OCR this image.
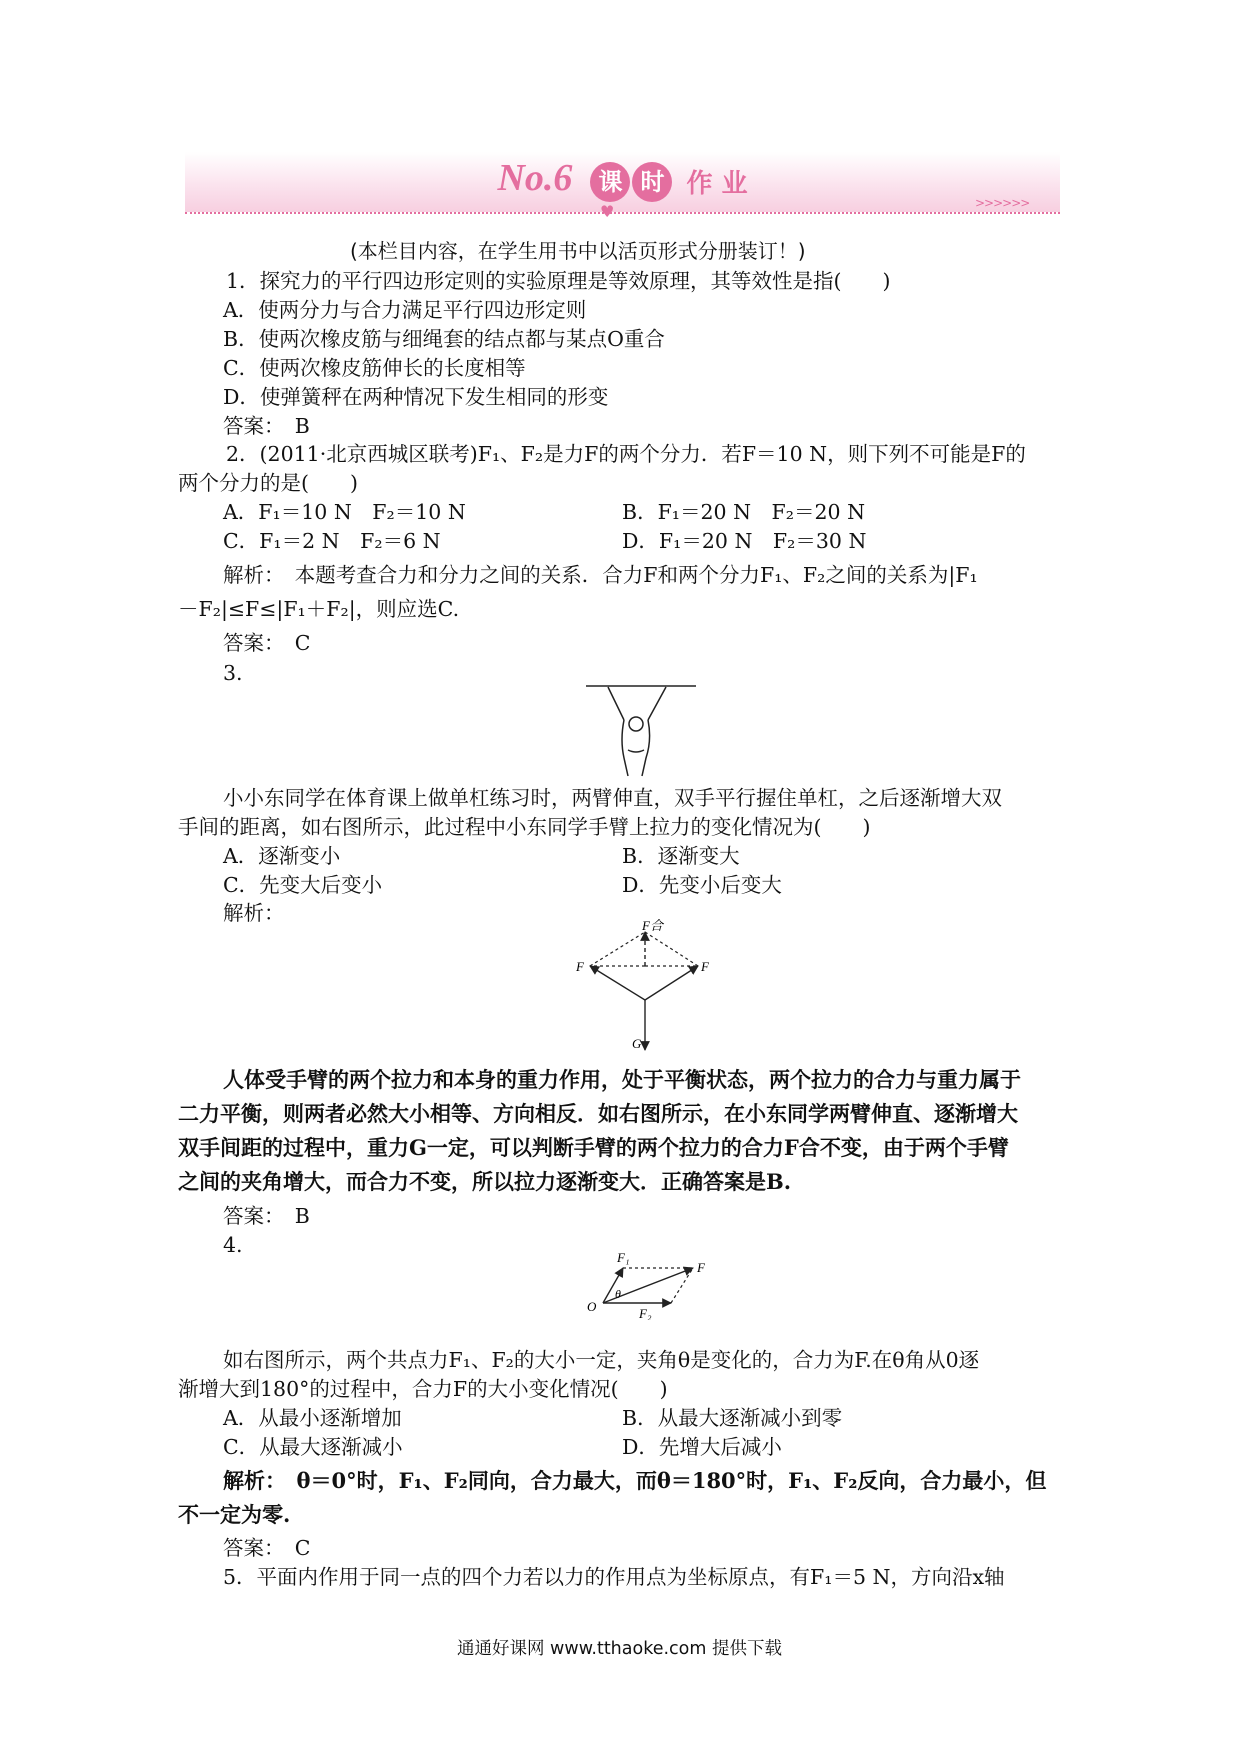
No.6 课 时 作 业
♥	>>>>>>
(本栏目内容，在学生用书中以活页形式分册装订！)
1．探究力的平行四边形定则的实验原理是等效原理，其等效性是指(　　)
A．使两分力与合力满足平行四边形定则
B．使两次橡皮筋与细绳套的结点都与某点O重合
C．使两次橡皮筋伸长的长度相等
D．使弹簧秤在两种情况下发生相同的形变
答案：　B
2．(2011·北京西城区联考)F₁、F₂是力F的两个分力．若F＝10 N，则下列不可能是F的
两个分力的是(　　)
A．F₁＝10 N　F₂＝10 N	B．F₁＝20 N　F₂＝20 N
C．F₁＝2 N　F₂＝6 N	D．F₁＝20 N　F₂＝30 N
解析：　本题考查合力和分力之间的关系．合力F和两个分力F₁、F₂之间的关系为|F₁
－F₂|≤F≤|F₁＋F₂|，则应选C.
答案：　C
3.
小小东同学在体育课上做单杠练习时，两臂伸直，双手平行握住单杠，之后逐渐增大双
手间的距离，如右图所示，此过程中小东同学手臂上拉力的变化情况为(　　)
A．逐渐变小	B．逐渐变大
C．先变大后变小	D．先变小后变大
解析：
F合
F	F
G
人体受手臂的两个拉力和本身的重力作用，处于平衡状态，两个拉力的合力与重力属于
二力平衡，则两者必然大小相等、方向相反．如右图所示，在小东同学两臂伸直、逐渐增大
双手间距的过程中，重力G一定，可以判断手臂的两个拉力的合力F合不变，由于两个手臂
之间的夹角增大，而合力不变，所以拉力逐渐变大．正确答案是B.
答案：　B
4.
F₁
F
F₂
O
θ
如右图所示，两个共点力F₁、F₂的大小一定，夹角θ是变化的，合力为F.在θ角从0逐
渐增大到180°的过程中，合力F的大小变化情况(　　)
A．从最小逐渐增加	B．从最大逐渐减小到零
C．从最大逐渐减小	D．先增大后减小
解析：　θ＝0°时，F₁、F₂同向，合力最大，而θ＝180°时，F₁、F₂反向，合力最小，但
不一定为零.
答案：　C
5．平面内作用于同一点的四个力若以力的作用点为坐标原点，有F₁＝5 N，方向沿x轴
通通好课网 www.tthaoke.com 提供下载
